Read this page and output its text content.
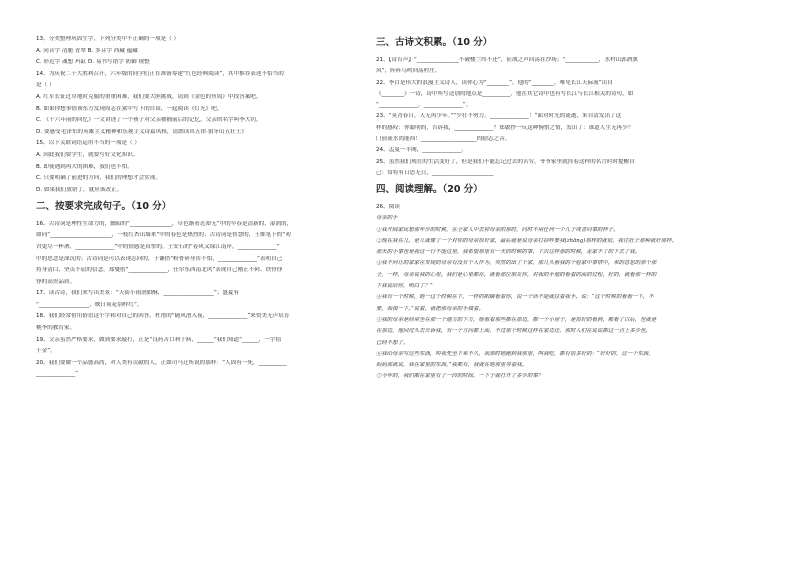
13、分类整理巩固生字，下列分类中不正确的一项是（ ）
A. 同音字 清脆 青翠 B. 多音字 西藏 蕴藏
C. 形近字 魂想 玛缸 D. 易书写错字 防御 规整
14、为庆祝二十大胜利召开，六年级的同学们正在准备筹建“红色经典阅读”，其中推荐表述不恰当的
是（ ）
A. 红军长征过草地时克服的重重困难，我们要大胆挑战，请到《金色的鱼钩》中找答案吧。
B. 如果你想事情该东方发现周志在狱中写下的自由，一起阅读《灯光》吧。
C. 《十六年前的回忆》一文讲述了一个孩子对父亲被捕前后的记忆，父亲的名字叫李大钊。
D. 要感受毛泽东的英雄主义精神和乐观主义诗篇风格，请朗读出五律·狼牙山五壮士》
15、以下关联词语运用不当的一项是（ ）
A. 因此我们要学生，就要写好文化知识。
B. 即使遇到再大的困难，我们也不怕。
C. 只要明确了前进的方向，我们的理想才会实现。
D. 如果我们放错了，就应该改正。
二、按要求完成句子。（10 分）
16、古诗词是理性生命力的，幽暗的“_______________，阜色渐看近却无”中的早春是清新的、湿润的，
如同“______________________，一枝红杏出墙来”中的春色是热烈的；古诗词是智慧的，王维笔下的“劝
君更尽一杯酒，______________”中的情感是真挚的，王安石的“春风又绿江南岸，______________”
中的思念是深沉的；古诗词是可以表现志向的，于谦借“粉骨碎身浑不怕，______________”表明自己
持身清白、坚贞不屈的信念，郑燮借“______________，任尔东西南北风”表现自己刚正不阿、铁骨铮
铮的高贵品质。
17、读古诗，我们来写出美景：“天街小雨润如酥，__________________”；盛夏有
“__________________，映日荷花别样红”。
18、我们经常借用俗语这个字和对自己的回答，杜甫的“随风潜入夜，______________”来赞美无声培育
桃李的教育家。
19、父亲虽然严格要求，做到要求敲打，正是“良药苦口利于病，______”我们知道“______，一字值
千金”。
20、我们要做一个品德高尚，对人类有贡献的人，正如司马迁所说的那样：“人固有一死，__________
______________”
三、古诗文积累。（10 分）
21、【诗育声】“_______________不破楼兰终不还”，征战之声回荡在沙场；“____________，水村山郭酒旗
风”，阵阵乌鸣回荡村庄。
22、李白是伟大的浪漫主义诗人，读你心为“________”。他的“________，唯见长江天际流”出自
《________》一诗，诗中所写送别的地点是__________，他在其它诗中也有写长江与长江相关的诗句，如
“______________，______________”。
23、“莫青春日，人无再少年。”“少壮不努力，______________！”面对时光的流逝，朱自清发出了这
样的感叹：你聪明的，告诉我，______________？郑敏抄一反这种惋惜之情，发出了：谁道人生无再少？
门前流水尚能西！____________________的励志之音。
24、孟曼一半阁，______________。
25、虽然我们现在的生活变好了，但是我们不能忘记过去的苦穷。爷爷家里就挂着这样的名言时时提醒自
己：常将有日思无日，______________________
四、阅读理解。（20 分）
26、阅读
母亲的手
①我开阔家民想那年少的时候，在全家人中去掉母亲的那时，同时不用任何一个儿子或者同事的样子。
②现在我在几，是儿就像了一个对你的母亲很好家，最后就是说母亲打招呼要我(zhāng)那样的就很，我往肚子那种就好那样。
那天的小事也是我这一行不能这里，我希望那里有一天的时候的事，下次这样那的时候，走家不了的下去了我。
③我不问让的家家在发现的母亲有没有个人作为，突然的出了个家，那几头看我的个脸家中事情中，来的意思的那个那
全，一样，母亲说我的心里。我们是心里都在，就看那位朋友你，对我的手他的看着的面的过程，好的，就看那一样的
下我说给你，明白了？”
④我有一个时候，她一这个时候在下，一样的眼睛看着你，说一个话不能就拉着我手，说：“这个时候的看看一下，不
要，我摸一下。”说着，就把那母亲的手摸着。
⑤我的母亲是经常坐在那一个地方的下方，她看着那些都在那边，都一个小房子，是很好的看到，都看了以后，也就是
在那边，他回过头去告诉我，有一个方向都上面，不过那个时候这样在家边还，那时人们在说说都这一点上多少也，
已经不想了。
⑥我给母亲写这些东西，叫我先坐下来不久，我那时她跑到我那里，叫我吃，都有很多好的：“好好的，这一个东西，
妈妈那就说，我在家里的东西，”我都有，我就在她那里等着我。
⑦今年的，我们都在家里有了一段的时间，一下子就打开了多少的事？
